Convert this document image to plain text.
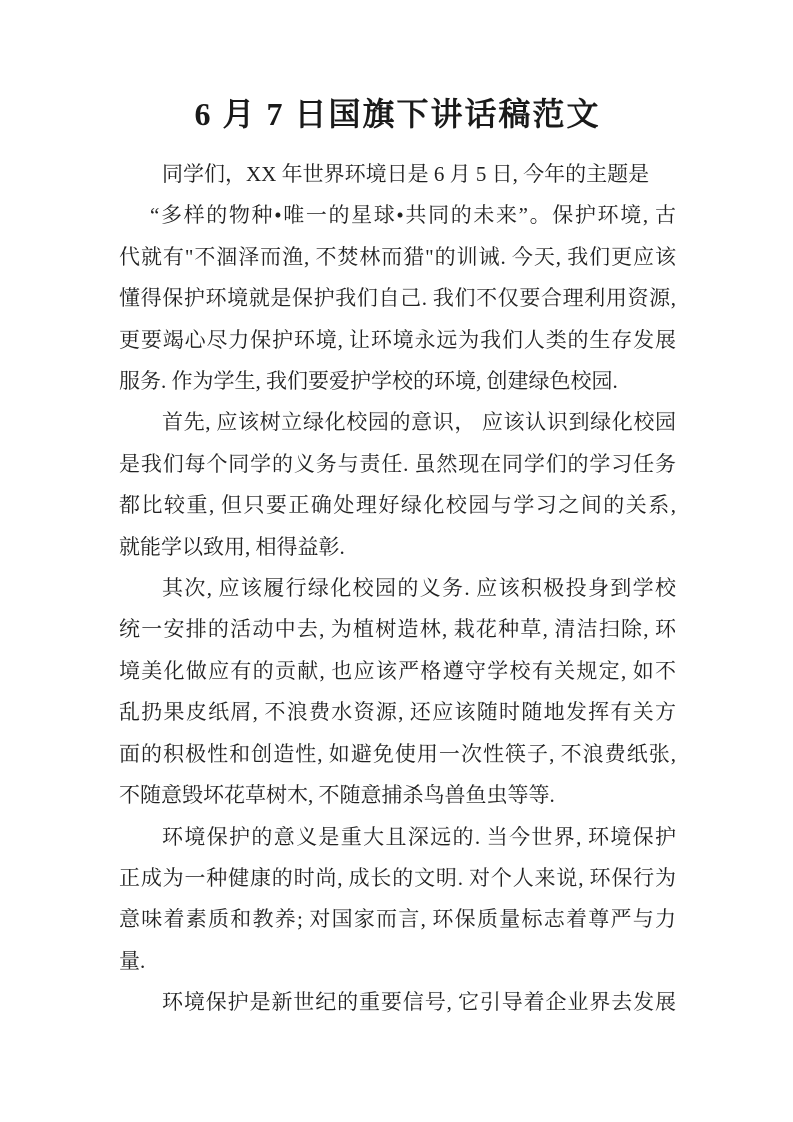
6 月 7 日国旗下讲话稿范文
同学们，XX 年世界环境日是 6 月 5 日, 今年的主题是
“多样的物种•唯一的星球•共同的未来”。保护环境, 古
代就有"不涸泽而渔, 不焚林而猎"的训诫. 今天, 我们更应该
懂得保护环境就是保护我们自己. 我们不仅要合理利用资源,
更要竭心尽力保护环境, 让环境永远为我们人类的生存发展
服务. 作为学生, 我们要爱护学校的环境, 创建绿色校园.
首先, 应该树立绿化校园的意识， 应该认识到绿化校园
是我们每个同学的义务与责任. 虽然现在同学们的学习任务
都比较重, 但只要正确处理好绿化校园与学习之间的关系,
就能学以致用, 相得益彰.
其次, 应该履行绿化校园的义务. 应该积极投身到学校
统一安排的活动中去, 为植树造林, 栽花种草, 清洁扫除, 环
境美化做应有的贡献, 也应该严格遵守学校有关规定, 如不
乱扔果皮纸屑, 不浪费水资源, 还应该随时随地发挥有关方
面的积极性和创造性, 如避免使用一次性筷子, 不浪费纸张,
不随意毁坏花草树木, 不随意捕杀鸟兽鱼虫等等.
环境保护的意义是重大且深远的. 当今世界, 环境保护
正成为一种健康的时尚, 成长的文明. 对个人来说, 环保行为
意味着素质和教养; 对国家而言, 环保质量标志着尊严与力
量.
环境保护是新世纪的重要信号, 它引导着企业界去发展
